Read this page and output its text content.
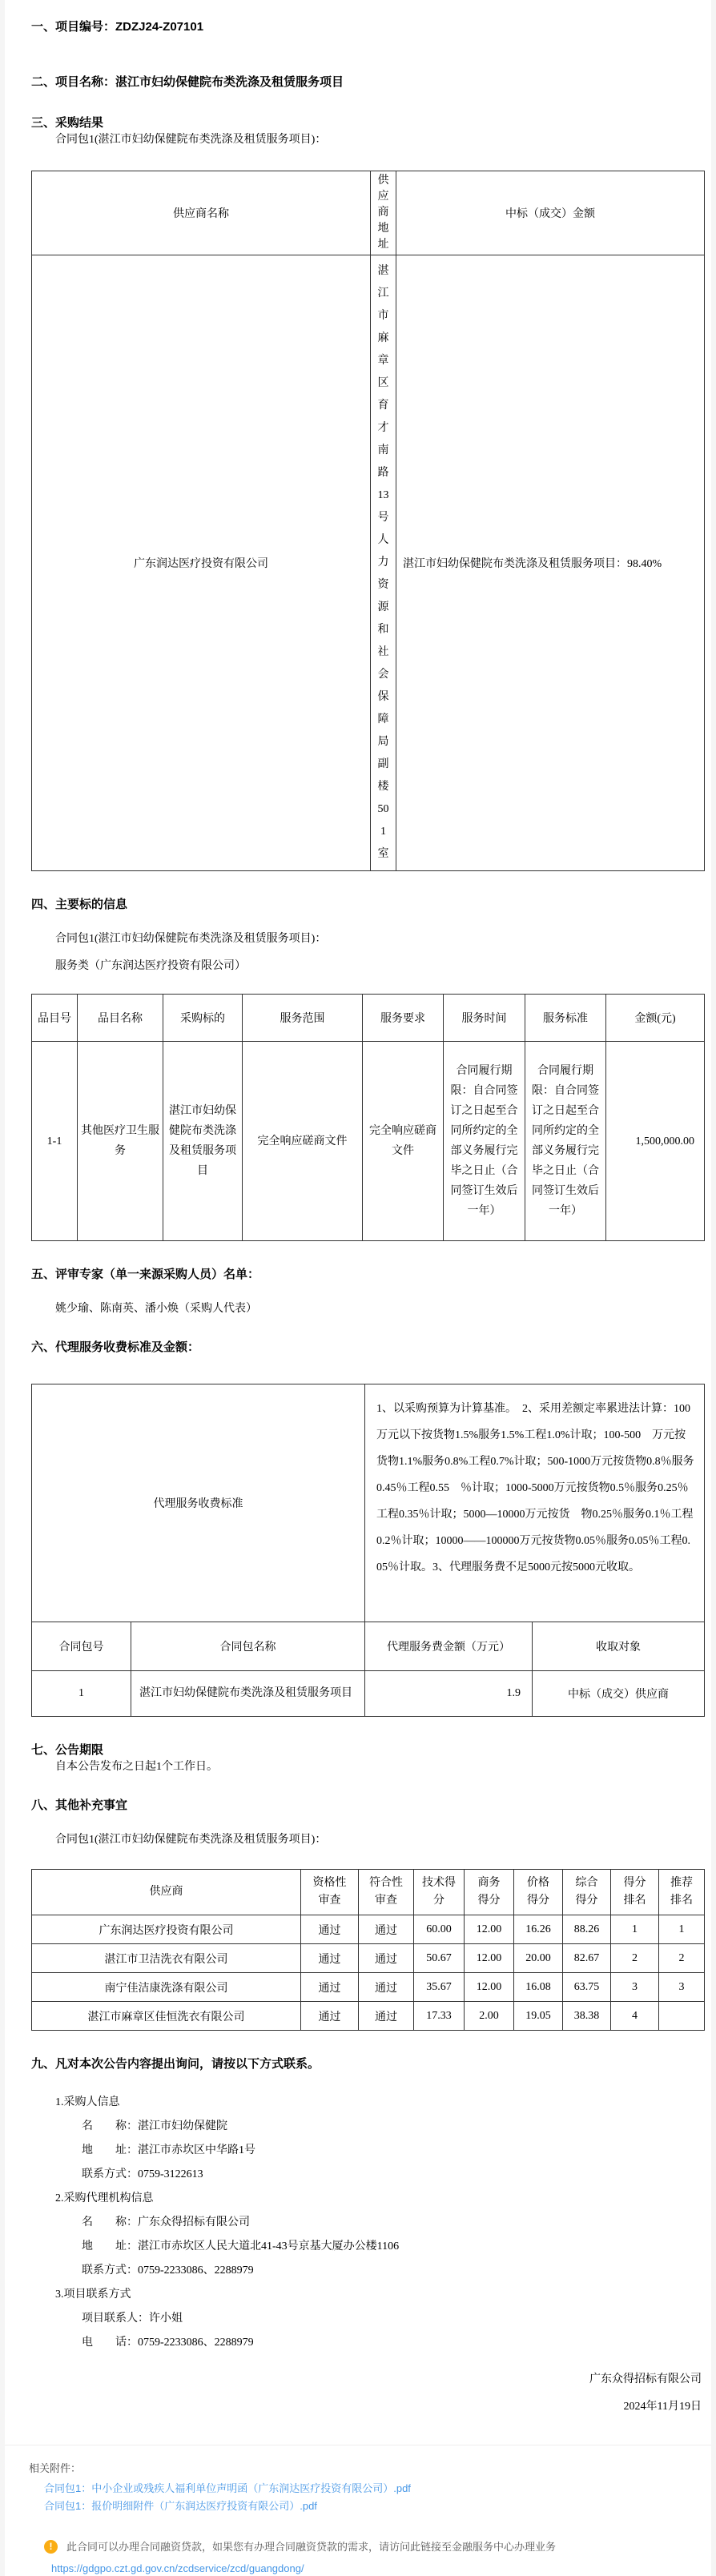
一、项目编号：ZDZJ24-Z07101

二、项目名称：湛江市妇幼保健院布类洗涤及租赁服务项目

三、采购结果

合同包1(湛江市妇幼保健院布类洗涤及租赁服务项目)：

供应商名称	供应商地址	中标（成交）金额
广东润达医疗投资有限公司	湛江市麻章区育才南路13号人力资源和社会保障局副楼501室	湛江市妇幼保健院布类洗涤及租赁服务项目：98.40%

四、主要标的信息

合同包1(湛江市妇幼保健院布类洗涤及租赁服务项目)：

服务类（广东润达医疗投资有限公司）

品目号	品目名称	采购标的	服务范围	服务要求	服务时间	服务标准	金额(元)
1-1	其他医疗卫生服务	湛江市妇幼保健院布类洗涤及租赁服务项目	完全响应磋商文件	完全响应磋商文件	合同履行期限：自合同签订之日起至合同所约定的全部义务履行完毕之日止（合同签订生效后一年）	合同履行期限：自合同签订之日起至合同所约定的全部义务履行完毕之日止（合同签订生效后一年）	1,500,000.00

五、评审专家（单一来源采购人员）名单：

姚少瑜、陈南英、潘小焕（采购人代表）

六、代理服务收费标准及金额：

代理服务收费标准		1、以采购预算为计算基准。　2、采用差额定率累进法计算：100万元以下按货物1.5%服务1.5%工程1.0%计取；100-500　万元按货物1.1%服务0.8%工程0.7%计取；500-1000万元按货物0.8％服务0.45％工程0.55　％计取；1000-5000万元按货物0.5％服务0.25％工程0.35％计取；5000—10000万元按货　物0.25％服务0.1％工程0.2％计取；10000——100000万元按货物0.05％服务0.05％工程0.　05％计取。3、代理服务费不足5000元按5000元收取。	
合同包号	合同包名称	代理服务费金额（万元）	收取对象
1	湛江市妇幼保健院布类洗涤及租赁服务项目	1.9	中标（成交）供应商

七、公告期限

自本公告发布之日起1个工作日。

八、其他补充事宜

合同包1(湛江市妇幼保健院布类洗涤及租赁服务项目)：

供应商	资格性审查	符合性审查	技术得分	商务得分	价格得分	综合得分	得分排名	推荐排名
广东润达医疗投资有限公司	通过	通过	60.00	12.00	16.26	88.26	1	1
湛江市卫洁洗衣有限公司	通过	通过	50.67	12.00	20.00	82.67	2	2
南宁佳洁康洗涤有限公司	通过	通过	35.67	12.00	16.08	63.75	3	3
湛江市麻章区佳恒洗衣有限公司	通过	通过	17.33	2.00	19.05	38.38	4	

九、凡对本次公告内容提出询问，请按以下方式联系。

1.采购人信息

名　　称：湛江市妇幼保健院

地　　址：湛江市赤坎区中华路1号

联系方式：0759-3122613

2.采购代理机构信息

名　　称：广东众得招标有限公司

地　　址：湛江市赤坎区人民大道北41-43号京基大厦办公楼1106

联系方式：0759-2233086、2288979

3.项目联系方式

项目联系人：许小姐

电　　话：0759-2233086、2288979

广东众得招标有限公司
2024年11月19日

相关附件：

合同包1：中小企业或残疾人福利单位声明函（广东润达医疗投资有限公司）.pdf
合同包1：报价明细附件（广东润达医疗投资有限公司）.pdf
!	此合同可以办理合同融资贷款，如果您有办理合同融资贷款的需求，请访问此链接至金融服务中心办理业务

https://gdgpo.czt.gd.gov.cn/zcdservice/zcd/guangdong/
